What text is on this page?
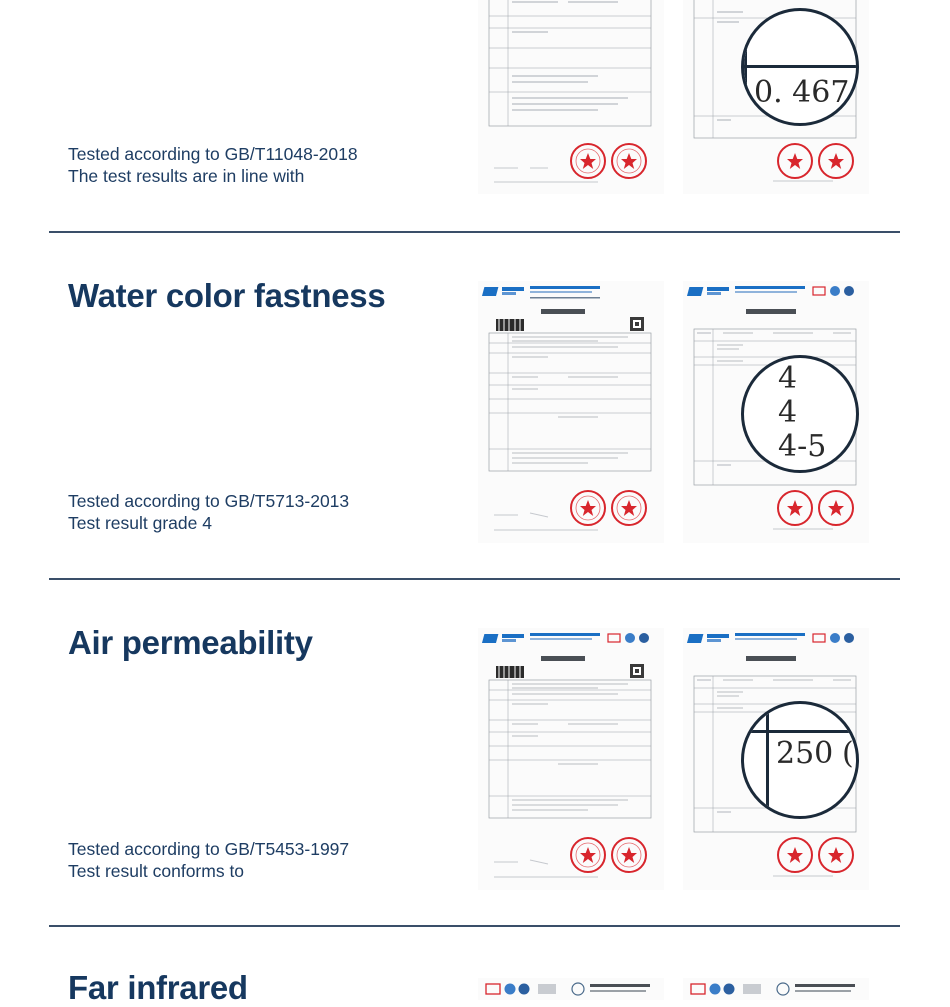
Tested according to GB/T11048-2018
The test results are in line with
0. 467
Water color fastness
Tested according to GB/T5713-2013
Test result grade 4
4
4
4-5
Air permeability
Tested according to GB/T5453-1997
Test result conforms to
250 (
Far infrared
